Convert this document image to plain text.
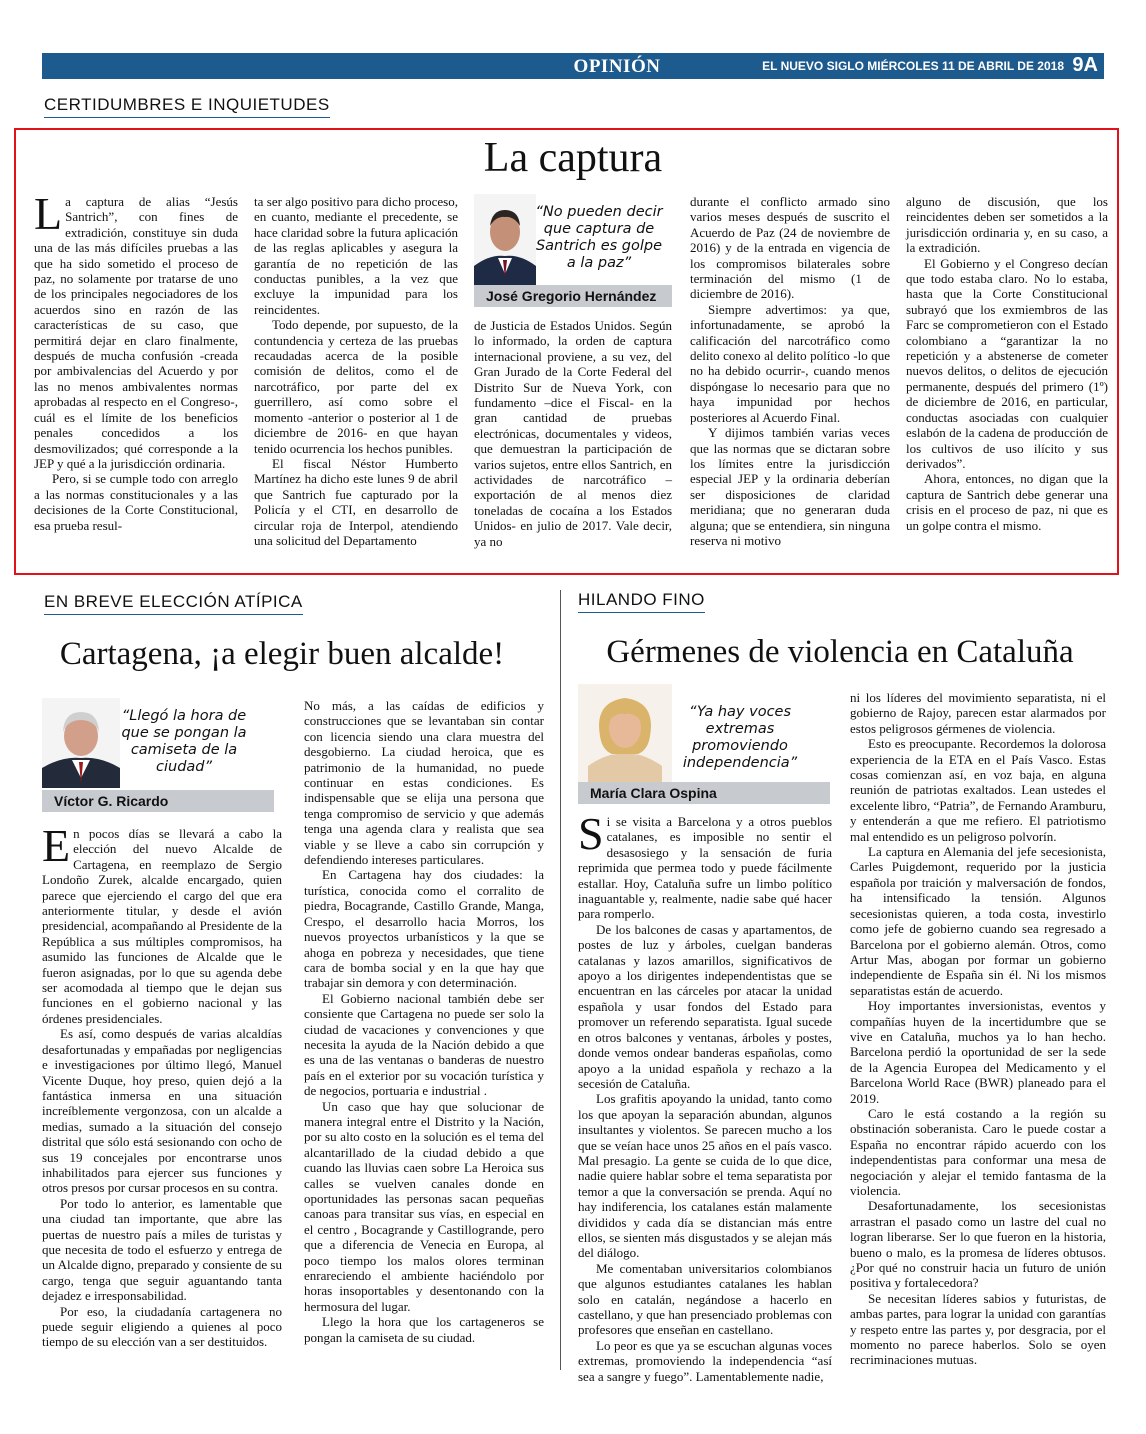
OPINIÓN	EL NUEVO SIGLO MIÉRCOLES 11 DE ABRIL DE 2018 9A
CERTIDUMBRES E INQUIETUDES
La captura

La captura de alias “Jesús Santrich”, con fines de extradición, constituye sin duda una de las más difíciles pruebas a las que ha sido sometido el proceso de paz, no solamente por tratarse de uno de los principales negociadores de los acuerdos sino en razón de las características de su caso, que permitirá dejar en claro finalmente, después de mucha confusión -creada por ambivalencias del Acuerdo y por las no menos ambivalentes normas aprobadas al respecto en el Congreso-, cuál es el límite de los beneficios penales concedidos a los desmovilizados; qué corresponde a la JEP y qué a la jurisdicción ordinaria.

Pero, si se cumple todo con arreglo a las normas constitucionales y a las decisiones de la Corte Constitucional, esa prueba resul-

ta ser algo positivo para dicho proceso, en cuanto, mediante el precedente, se hace claridad sobre la futura aplicación de las reglas aplicables y asegura la garantía de no repetición de las conductas punibles, a la vez que excluye la impunidad para los reincidentes.

Todo depende, por supuesto, de la contundencia y certeza de las pruebas recaudadas acerca de la posible comisión de delitos, como el de narcotráfico, por parte del ex guerrillero, así como sobre el momento -anterior o posterior al 1 de diciembre de 2016- en que hayan tenido ocurrencia los hechos punibles.

El fiscal Néstor Humberto Martínez ha dicho este lunes 9 de abril que Santrich fue capturado por la Policía y el CTI, en desarrollo de circular roja de Interpol, atendiendo una solicitud del Departamento

“No pueden decir que captura de Santrich es golpe a la paz”
José Gregorio Hernández

de Justicia de Estados Unidos. Según lo informado, la orden de captura internacional proviene, a su vez, del Gran Jurado de la Corte Federal del Distrito Sur de Nueva York, con fundamento –dice el Fiscal- en la gran cantidad de pruebas electrónicas, documentales y videos, que demuestran la participación de varios sujetos, entre ellos Santrich, en actividades de narcotráfico –exportación de al menos diez toneladas de cocaína a los Estados Unidos- en julio de 2017. Vale decir, ya no

durante el conflicto armado sino varios meses después de suscrito el Acuerdo de Paz (24 de noviembre de 2016) y de la entrada en vigencia de los compromisos bilaterales sobre terminación del mismo (1 de diciembre de 2016).

Siempre advertimos: ya que, infortunadamente, se aprobó la calificación del narcotráfico como delito conexo al delito político -lo que no ha debido ocurrir-, cuando menos dispóngase lo necesario para que no haya impunidad por hechos posteriores al Acuerdo Final.

Y dijimos también varias veces que las normas que se dictaran sobre los límites entre la jurisdicción especial JEP y la ordinaria deberían ser disposiciones de claridad meridiana; que no generaran duda alguna; que se entendiera, sin ninguna reserva ni motivo

alguno de discusión, que los reincidentes deben ser sometidos a la jurisdicción ordinaria y, en su caso, a la extradición.

El Gobierno y el Congreso decían que todo estaba claro. No lo estaba, hasta que la Corte Constitucional subrayó que los exmiembros de las Farc se comprometieron con el Estado colombiano a “garantizar la no repetición y a abstenerse de cometer nuevos delitos, o delitos de ejecución permanente, después del primero (1º) de diciembre de 2016, en particular, conductas asociadas con cualquier eslabón de la cadena de producción de los cultivos de uso ilícito y sus derivados”.

Ahora, entonces, no digan que la captura de Santrich debe generar una crisis en el proceso de paz, ni que es un golpe contra el mismo.

EN BREVE ELECCIÓN ATÍPICA
Cartagena, ¡a elegir buen alcalde!
“Llegó la hora de que se pongan la camiseta de la ciudad”
Víctor G. Ricardo

En pocos días se llevará a cabo la elección del nuevo Alcalde de Cartagena, en reemplazo de Sergio Londoño Zurek, alcalde encargado, quien parece que ejerciendo el cargo del que era anteriormente titular, y desde el avión presidencial, acompañando al Presidente de la República a sus múltiples compromisos, ha asumido las funciones de Alcalde que le fueron asignadas, por lo que su agenda debe ser acomodada al tiempo que le dejan sus funciones en el gobierno nacional y las órdenes presidenciales.

Es así, como después de varias alcaldías desafortunadas y empañadas por negligencias e investigaciones por último llegó, Manuel Vicente Duque, hoy preso, quien dejó a la fantástica inmersa en una situación increíblemente vergonzosa, con un alcalde a medias, sumado a la situación del consejo distrital que sólo está sesionando con ocho de sus 19 concejales por encontrarse unos inhabilitados para ejercer sus funciones y otros presos por cursar procesos en su contra.

Por todo lo anterior, es lamentable que una ciudad tan importante, que abre las puertas de nuestro país a miles de turistas y que necesita de todo el esfuerzo y entrega de un Alcalde digno, preparado y consiente de su cargo, tenga que seguir aguantando tanta dejadez e irresponsabilidad.

Por eso, la ciudadanía cartagenera no puede seguir eligiendo a quienes al poco tiempo de su elección van a ser destituidos.

No más, a las caídas de edificios y construcciones que se levantaban sin contar con licencia siendo una clara muestra del desgobierno. La ciudad heroica, que es patrimonio de la humanidad, no puede continuar en estas condiciones. Es indispensable que se elija una persona que tenga compromiso de servicio y que además tenga una agenda clara y realista que sea viable y se lleve a cabo sin corrupción y defendiendo intereses particulares.

En Cartagena hay dos ciudades: la turística, conocida como el corralito de piedra, Bocagrande, Castillo Grande, Manga, Crespo, el desarrollo hacia Morros, los nuevos proyectos urbanísticos y la que se ahoga en pobreza y necesidades, que tiene cara de bomba social y en la que hay que trabajar sin demora y con determinación.

El Gobierno nacional también debe ser consiente que Cartagena no puede ser solo la ciudad de vacaciones y convenciones y que necesita la ayuda de la Nación debido a que es una de las ventanas o banderas de nuestro país en el exterior por su vocación turística y de negocios, portuaria e industrial .

Un caso que hay que solucionar de manera integral entre el Distrito y la Nación, por su alto costo en la solución es el tema del alcantarillado de la ciudad debido a que cuando las lluvias caen sobre La Heroica sus calles se vuelven canales donde en oportunidades las personas sacan pequeñas canoas para transitar sus vías, en especial en el centro , Bocagrande y Castillogrande, pero que a diferencia de Venecia en Europa, al poco tiempo los malos olores terminan enrareciendo el ambiente haciéndolo por horas insoportables y desentonando con la hermosura del lugar.

Llego la hora que los cartageneros se pongan la camiseta de su ciudad.

HILANDO FINO
Gérmenes de violencia en Cataluña
“Ya hay voces extremas promoviendo independencia”
María Clara Ospina

Si se visita a Barcelona y a otros pueblos catalanes, es imposible no sentir el desasosiego y la sensación de furia reprimida que permea todo y puede fácilmente estallar. Hoy, Cataluña sufre un limbo político inaguantable y, realmente, nadie sabe qué hacer para romperlo.

De los balcones de casas y apartamentos, de postes de luz y árboles, cuelgan banderas catalanas y lazos amarillos, significativos de apoyo a los dirigentes independentistas que se encuentran en las cárceles por atacar la unidad española y usar fondos del Estado para promover un referendo separatista. Igual sucede en otros balcones y ventanas, árboles y postes, donde vemos ondear banderas españolas, como apoyo a la unidad española y rechazo a la secesión de Cataluña.

Los grafitis apoyando la unidad, tanto como los que apoyan la separación abundan, algunos insultantes y violentos. Se parecen mucho a los que se veían hace unos 25 años en el país vasco. Mal presagio. La gente se cuida de lo que dice, nadie quiere hablar sobre el tema separatista por temor a que la conversación se prenda. Aquí no hay indiferencia, los catalanes están malamente divididos y cada día se distancian más entre ellos, se sienten más disgustados y se alejan más del diálogo.

Me comentaban universitarios colombianos que algunos estudiantes catalanes les hablan solo en catalán, negándose a hacerlo en castellano, y que han presenciado problemas con profesores que enseñan en castellano.

Lo peor es que ya se escuchan algunas voces extremas, promoviendo la independencia “así sea a sangre y fuego”. Lamentablemente nadie,

ni los líderes del movimiento separatista, ni el gobierno de Rajoy, parecen estar alarmados por estos peligrosos gérmenes de violencia.

Esto es preocupante. Recordemos la dolorosa experiencia de la ETA en el País Vasco. Estas cosas comienzan así, en voz baja, en alguna reunión de patriotas exaltados. Lean ustedes el excelente libro, “Patria”, de Fernando Aramburu, y entenderán a que me refiero. El patriotismo mal entendido es un peligroso polvorín.

La captura en Alemania del jefe secesionista, Carles Puigdemont, requerido por la justicia española por traición y malversación de fondos, ha intensificado la tensión. Algunos secesionistas quieren, a toda costa, investirlo como jefe de gobierno cuando sea regresado a Barcelona por el gobierno alemán. Otros, como Artur Mas, abogan por formar un gobierno independiente de España sin él. Ni los mismos separatistas están de acuerdo.

Hoy importantes inversionistas, eventos y compañías huyen de la incertidumbre que se vive en Cataluña, muchos ya lo han hecho. Barcelona perdió la oportunidad de ser la sede de la Agencia Europea del Medicamento y el Barcelona World Race (BWR) planeado para el 2019.

Caro le está costando a la región su obstinación soberanista. Caro le puede costar a España no encontrar rápido acuerdo con los independentistas para conformar una mesa de negociación y alejar el temido fantasma de la violencia.

Desafortunadamente, los secesionistas arrastran el pasado como un lastre del cual no logran liberarse. Ser lo que fueron en la historia, bueno o malo, es la promesa de líderes obtusos. ¿Por qué no construir hacia un futuro de unión positiva y fortalecedora?

Se necesitan líderes sabios y futuristas, de ambas partes, para lograr la unidad con garantías y respeto entre las partes y, por desgracia, por el momento no parece haberlos. Solo se oyen recriminaciones mutuas.
